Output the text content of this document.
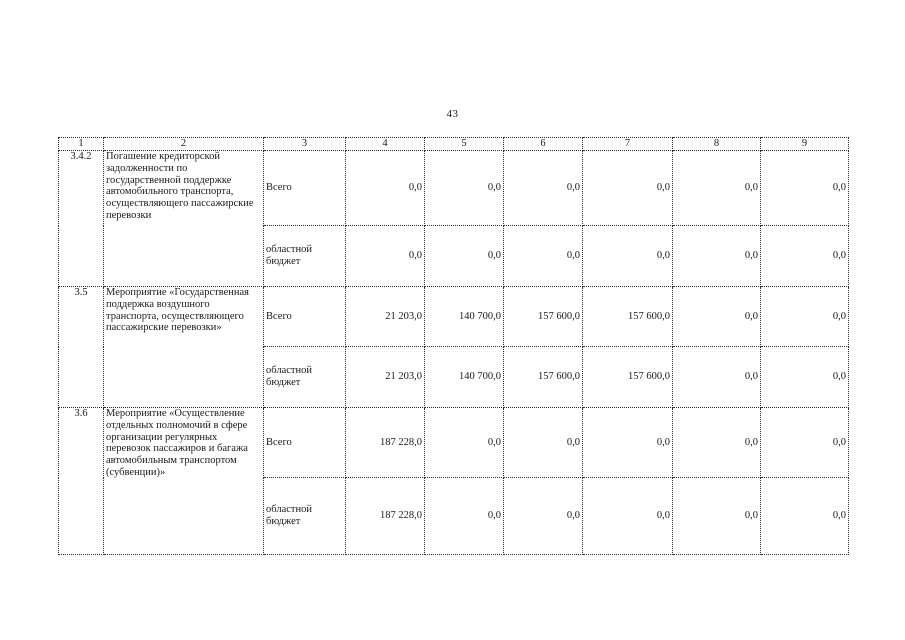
43
1	2	3	4	5	6	7	8	9
3.4.2	Погашение кредиторской задолженности по государственной поддержке автомобильного транспорта, осуществляющего пассажирские перевозки	Всего	0,0	0,0	0,0	0,0	0,0	0,0
		областной бюджет	0,0	0,0	0,0	0,0	0,0	0,0
3.5	Мероприятие «Государственная поддержка воздушного транспорта, осуществляющего пассажирские перевозки»	Всего	21 203,0	140 700,0	157 600,0	157 600,0	0,0	0,0
		областной бюджет	21 203,0	140 700,0	157 600,0	157 600,0	0,0	0,0
3.6	Мероприятие «Осуществление отдельных полномочий в сфере организации регулярных перевозок пассажиров и багажа автомобильным транспортом (субвенции)»	Всего	187 228,0	0,0	0,0	0,0	0,0	0,0
		областной бюджет	187 228,0	0,0	0,0	0,0	0,0	0,0
